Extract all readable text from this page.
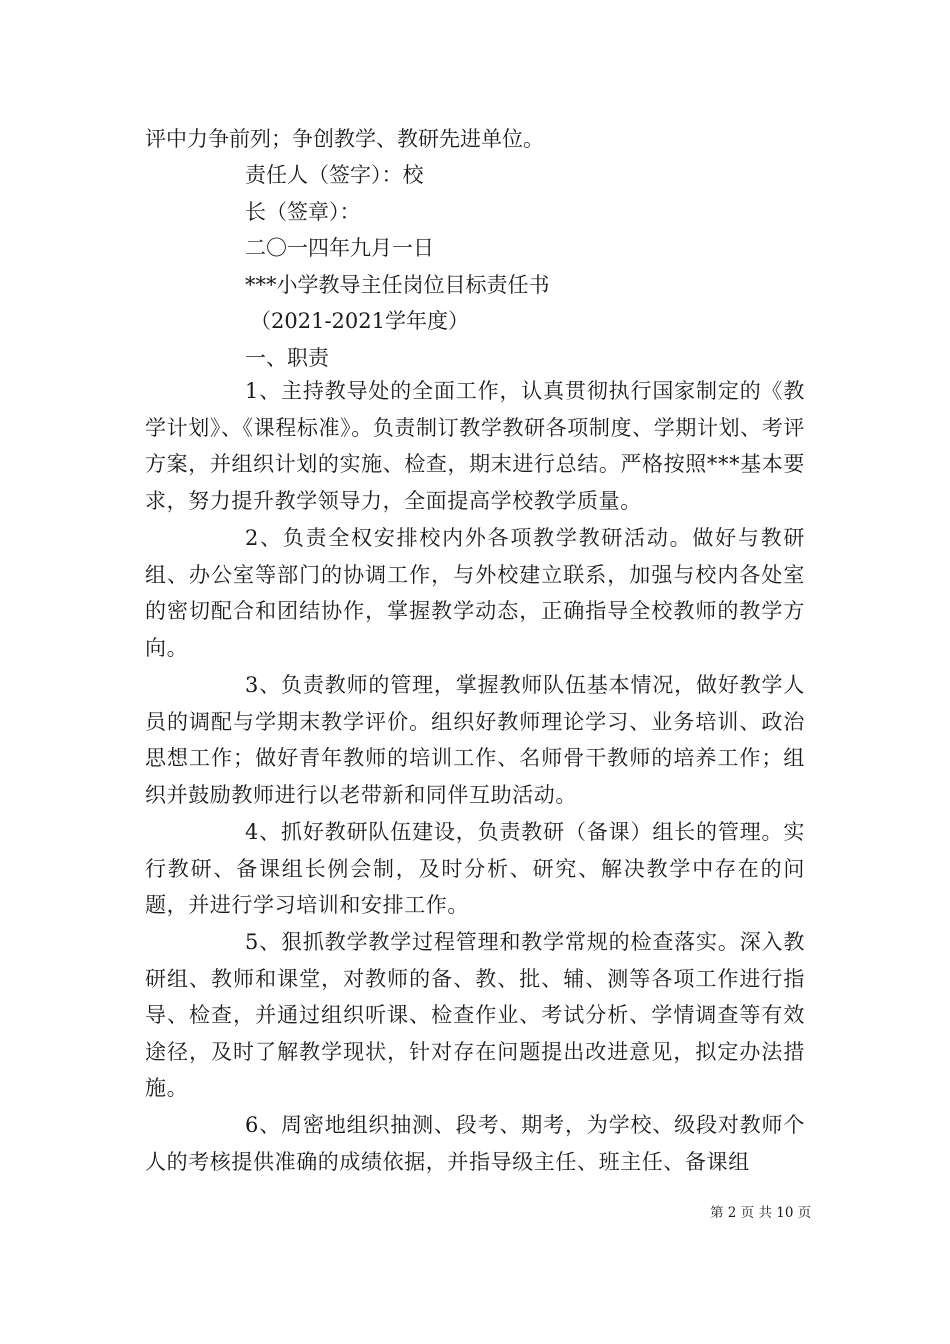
评中力争前列；争创教学、教研先进单位。
责任人（签字）：校
长（签章）：
二〇一四年九月一日
***小学教导主任岗位目标责任书
（2021-2021学年度）
一、职责

1、主持教导处的全面工作，认真贯彻执行国家制定的《教学计划》、《课程标准》。负责制订教学教研各项制度、学期计划、考评方案，并组织计划的实施、检查，期末进行总结。严格按照***基本要求，努力提升教学领导力，全面提高学校教学质量。

2、负责全权安排校内外各项教学教研活动。做好与教研组、办公室等部门的协调工作，与外校建立联系，加强与校内各处室的密切配合和团结协作，掌握教学动态，正确指导全校教师的教学方向。

3、负责教师的管理，掌握教师队伍基本情况，做好教学人员的调配与学期末教学评价。组织好教师理论学习、业务培训、政治思想工作；做好青年教师的培训工作、名师骨干教师的培养工作；组织并鼓励教师进行以老带新和同伴互助活动。

4、抓好教研队伍建设，负责教研（备课）组长的管理。实行教研、备课组长例会制，及时分析、研究、解决教学中存在的问题，并进行学习培训和安排工作。

5、狠抓教学教学过程管理和教学常规的检查落实。深入教研组、教师和课堂，对教师的备、教、批、辅、测等各项工作进行指导、检查，并通过组织听课、检查作业、考试分析、学情调查等有效途径，及时了解教学现状，针对存在问题提出改进意见，拟定办法措施。

6、周密地组织抽测、段考、期考，为学校、级段对教师个人的考核提供准确的成绩依据，并指导级主任、班主任、备课组

第 2 页 共 10 页
